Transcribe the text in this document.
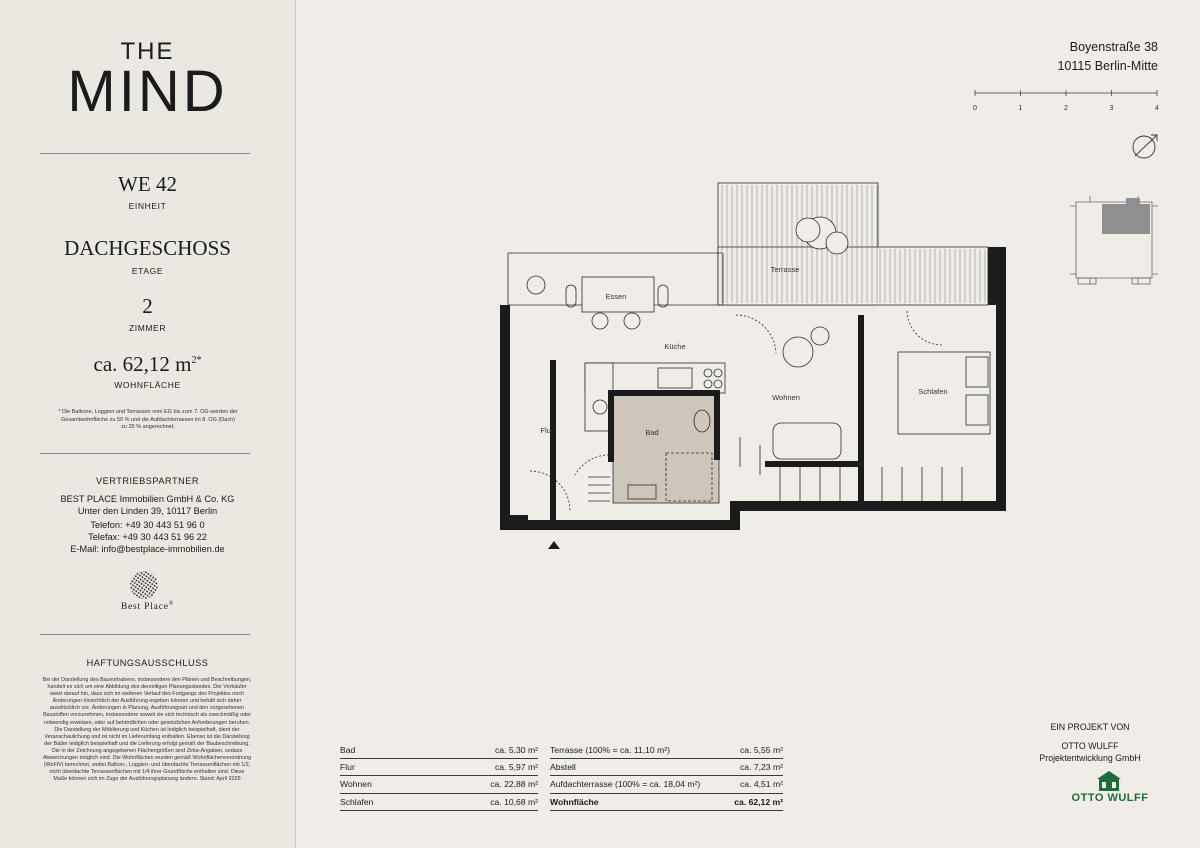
THE
MIND
WE 42
EINHEIT
DACHGESCHOSS
ETAGE
2
ZIMMER
ca. 62,12 $m^{2*}$
WOHNFLÄCHE
* Die Balkone, Loggien und Terrassen vom EG bis zum 7. OG werden der Gesamtwohnfläche zu 50 % und die Aufdachterrassen im 8. OG (Dach) zu 25 % angerechnet.
VERTRIEBSPARTNER
BEST PLACE Immobilien GmbH & Co. KG
Unter den Linden 39, 10117 Berlin
Telefon: +49 30 443 51 96 0
Telefax: +49 30 443 51 96 22
E-Mail: info@bestplace-immobilien.de
Best Place®
HAFTUNGSAUSSCHLUSS
Bei der Darstellung des Bauvorhabens, insbesondere den Plänen und Beschreibungen, handelt es sich um eine Abbildung des derzeitigen Planungsstandes. Der Verkäufer weist darauf hin, dass sich im weiteren Verlauf des Fortgangs des Projektes noch Änderungen hinsichtlich der Ausführung ergeben können und behält sich daher ausdrücklich vor, Änderungen in Planung, Ausführungsart und den vorgesehenen Baustoffen vorzunehmen, insbesondere soweit sie sich technisch als zweckmäßig oder notwendig erweisen, oder auf behördlichen oder gesetzlichen Anforderungen beruhen. Die Darstellung der Möblierung und Küchen ist lediglich beispielhaft, dient der Veranschaulichung und ist nicht im Lieferumfang enthalten. Ebenso ist die Darstellung der Bäder lediglich beispielhaft und die Lieferung erfolgt gemäß der Baubeschreibung. Die in der Zeichnung angegebenen Flächengrößen sind Zirka-Angaben, sodass Abweichungen möglich sind. Die Wohnflächen wurden gemäß Wohnflächenverordnung (WoFlV) berechnet, wobei Balkon-, Loggien- und überdachte Terrassenflächen mit 1/2, nicht überdachte Terrassenflächen mit 1/4 ihrer Grundfläche enthalten sind. Diese Maße können sich im Zuge der Ausführungsplanung ändern. Stand: April 2025
Boyenstraße 38
10115 Berlin-Mitte
0	1	2	3	4
Essen
Küche
Terrasse
Wohnen
Schlafen
Flur	Bad
Bad	ca. 5,30 m²
Flur	ca. 5,97 m²
Wohnen	ca. 22,88 m²
Schlafen	ca. 10,68 m²
Terrasse (100% = ca. 11,10 m²)	ca. 5,55 m²
Abstell	ca. 7,23 m²
Aufdachterrasse (100% = ca. 18,04 m²)	ca. 4,51 m²
Wohnfläche	ca. 62,12 m²
EIN PROJEKT VON
OTTO WULFF
Projektentwicklung GmbH
OTTO WULFF
